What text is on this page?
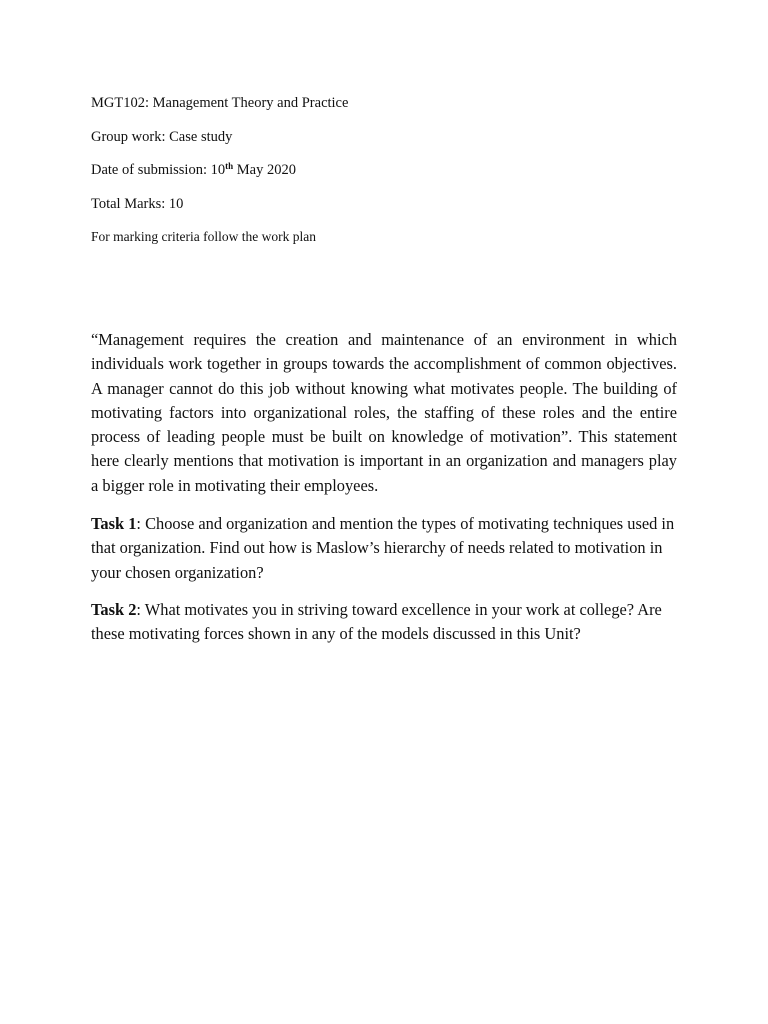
MGT102: Management Theory and Practice

Group work: Case study

Date of submission: 10th May 2020

Total Marks: 10

For marking criteria follow the work plan

“Management requires the creation and maintenance of an environment in which individuals work together in groups towards the accomplishment of common objectives. A manager cannot do this job without knowing what motivates people. The building of motivating factors into organizational roles, the staffing of these roles and the entire process of leading people must be built on knowledge of motivation”. This statement here clearly mentions that motivation is important in an organization and managers play a bigger role in motivating their employees.

Task 1: Choose and organization and mention the types of motivating techniques used in that organization. Find out how is Maslow’s hierarchy of needs related to motivation in your chosen organization?

Task 2: What motivates you in striving toward excellence in your work at college? Are these motivating forces shown in any of the models discussed in this Unit?
